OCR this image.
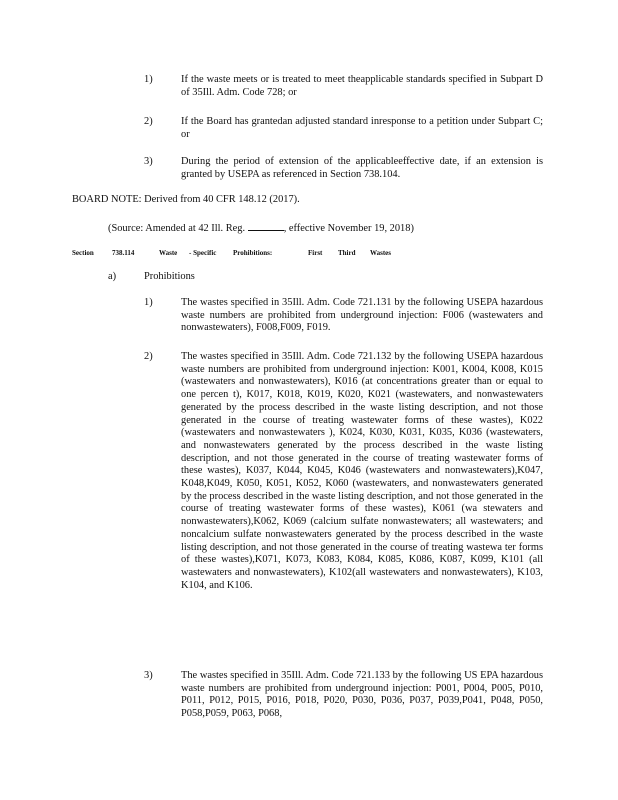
1)	If the waste meets or is treated to meet theapplicable standards specified in Subpart D of 35Ill. Adm. Code 728; or
2)	If the Board has grantedan adjusted standard inresponse to a petition under Subpart C; or
3)	During the period of extension of the applicableeffective date, if an extension is granted by USEPA as referenced in Section 738.104.
BOARD NOTE: Derived from 40 CFR 148.12 (2017).
(Source: Amended at 42 Ill. Reg.	, effective November 19, 2018)
Section	738.114	Waste - Specific Prohibitions:	First Third Wastes
a)	Prohibitions
1)	The wastes specified in 35Ill. Adm. Code 721.131 by the following USEPA hazardous waste numbers are prohibited from underground injection: F006 (wastewaters and nonwastewaters), F008,F009, F019.
2)	The wastes specified in 35Ill. Adm. Code 721.132 by the following USEPA hazardous waste numbers are prohibited from underground injection: K001, K004, K008, K015 (wastewaters and nonwastewaters), K016 (at concentrations greater than or equal to one percen t), K017, K018, K019, K020, K021 (wastewaters, and nonwastewaters generated by the process described in the waste listing description, and not those generated in the course of treating wastewater forms of these wastes), K022 (wastewaters and nonwastewaters ), K024, K030, K031, K035, K036 (wastewaters, and nonwastewaters generated by the process described in the waste listing description, and not those generated in the course of treating wastewater forms of these wastes), K037, K044, K045, K046 (wastewaters and nonwastewaters),K047, K048,K049, K050, K051, K052, K060 (wastewaters, and nonwastewaters generated by the process described in the waste listing description, and not those generated in the course of treating wastewater forms of these wastes), K061 (wa stewaters and nonwastewaters),K062, K069 (calcium sulfate nonwastewaters; all wastewaters; and noncalcium sulfate nonwastewaters generated by the process described in the waste listing description, and not those generated in the course of treating wastewa ter forms of these wastes),K071, K073, K083, K084, K085, K086, K087, K099, K101 (all wastewaters and nonwastewaters), K102(all wastewaters and nonwastewaters), K103, K104, and K106.
3)	The wastes specified in 35Ill. Adm. Code 721.133 by the following US EPA hazardous waste numbers are prohibited from underground injection: P001, P004, P005, P010, P011, P012, P015, P016, P018, P020, P030, P036, P037, P039,P041, P048, P050, P058,P059, P063, P068,
